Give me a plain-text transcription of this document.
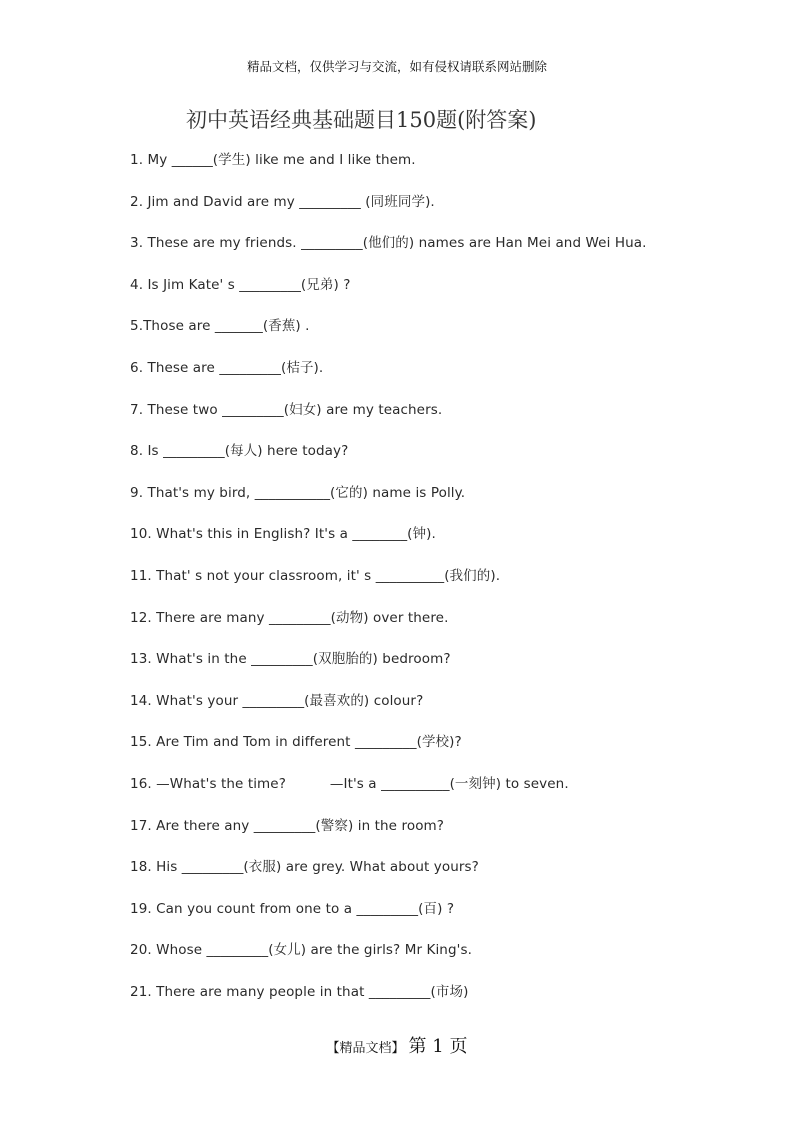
精品文档，仅供学习与交流，如有侵权请联系网站删除
初中英语经典基础题目150题(附答案)
1. My ______(学生) like me and I like them.
2. Jim and David are my _________ (同班同学).
3. These are my friends. _________(他们的) names are Han Mei and Wei Hua.
4. Is Jim Kate' s _________(兄弟) ?
5.Those are _______(香蕉) .
6. These are _________(桔子).
7. These two _________(妇女) are my teachers.
8. Is _________(每人) here today?
9. That's my bird, ___________(它的) name is Polly.
10. What's this in English? It's a ________(钟).
11. That' s not your classroom, it' s __________(我们的).
12. There are many _________(动物) over there.
13. What's in the _________(双胞胎的) bedroom?
14. What's your _________(最喜欢的) colour?
15. Are Tim and Tom in different _________(学校)?
16. —What's the time?          —It's a __________(一刻钟) to seven.
17. Are there any _________(警察) in the room?
18. His _________(衣服) are grey. What about yours?
19. Can you count from one to a _________(百) ?
20. Whose _________(女儿) are the girls? Mr King's.
21. There are many people in that _________(市场)
【精品文档】 第 1 页
